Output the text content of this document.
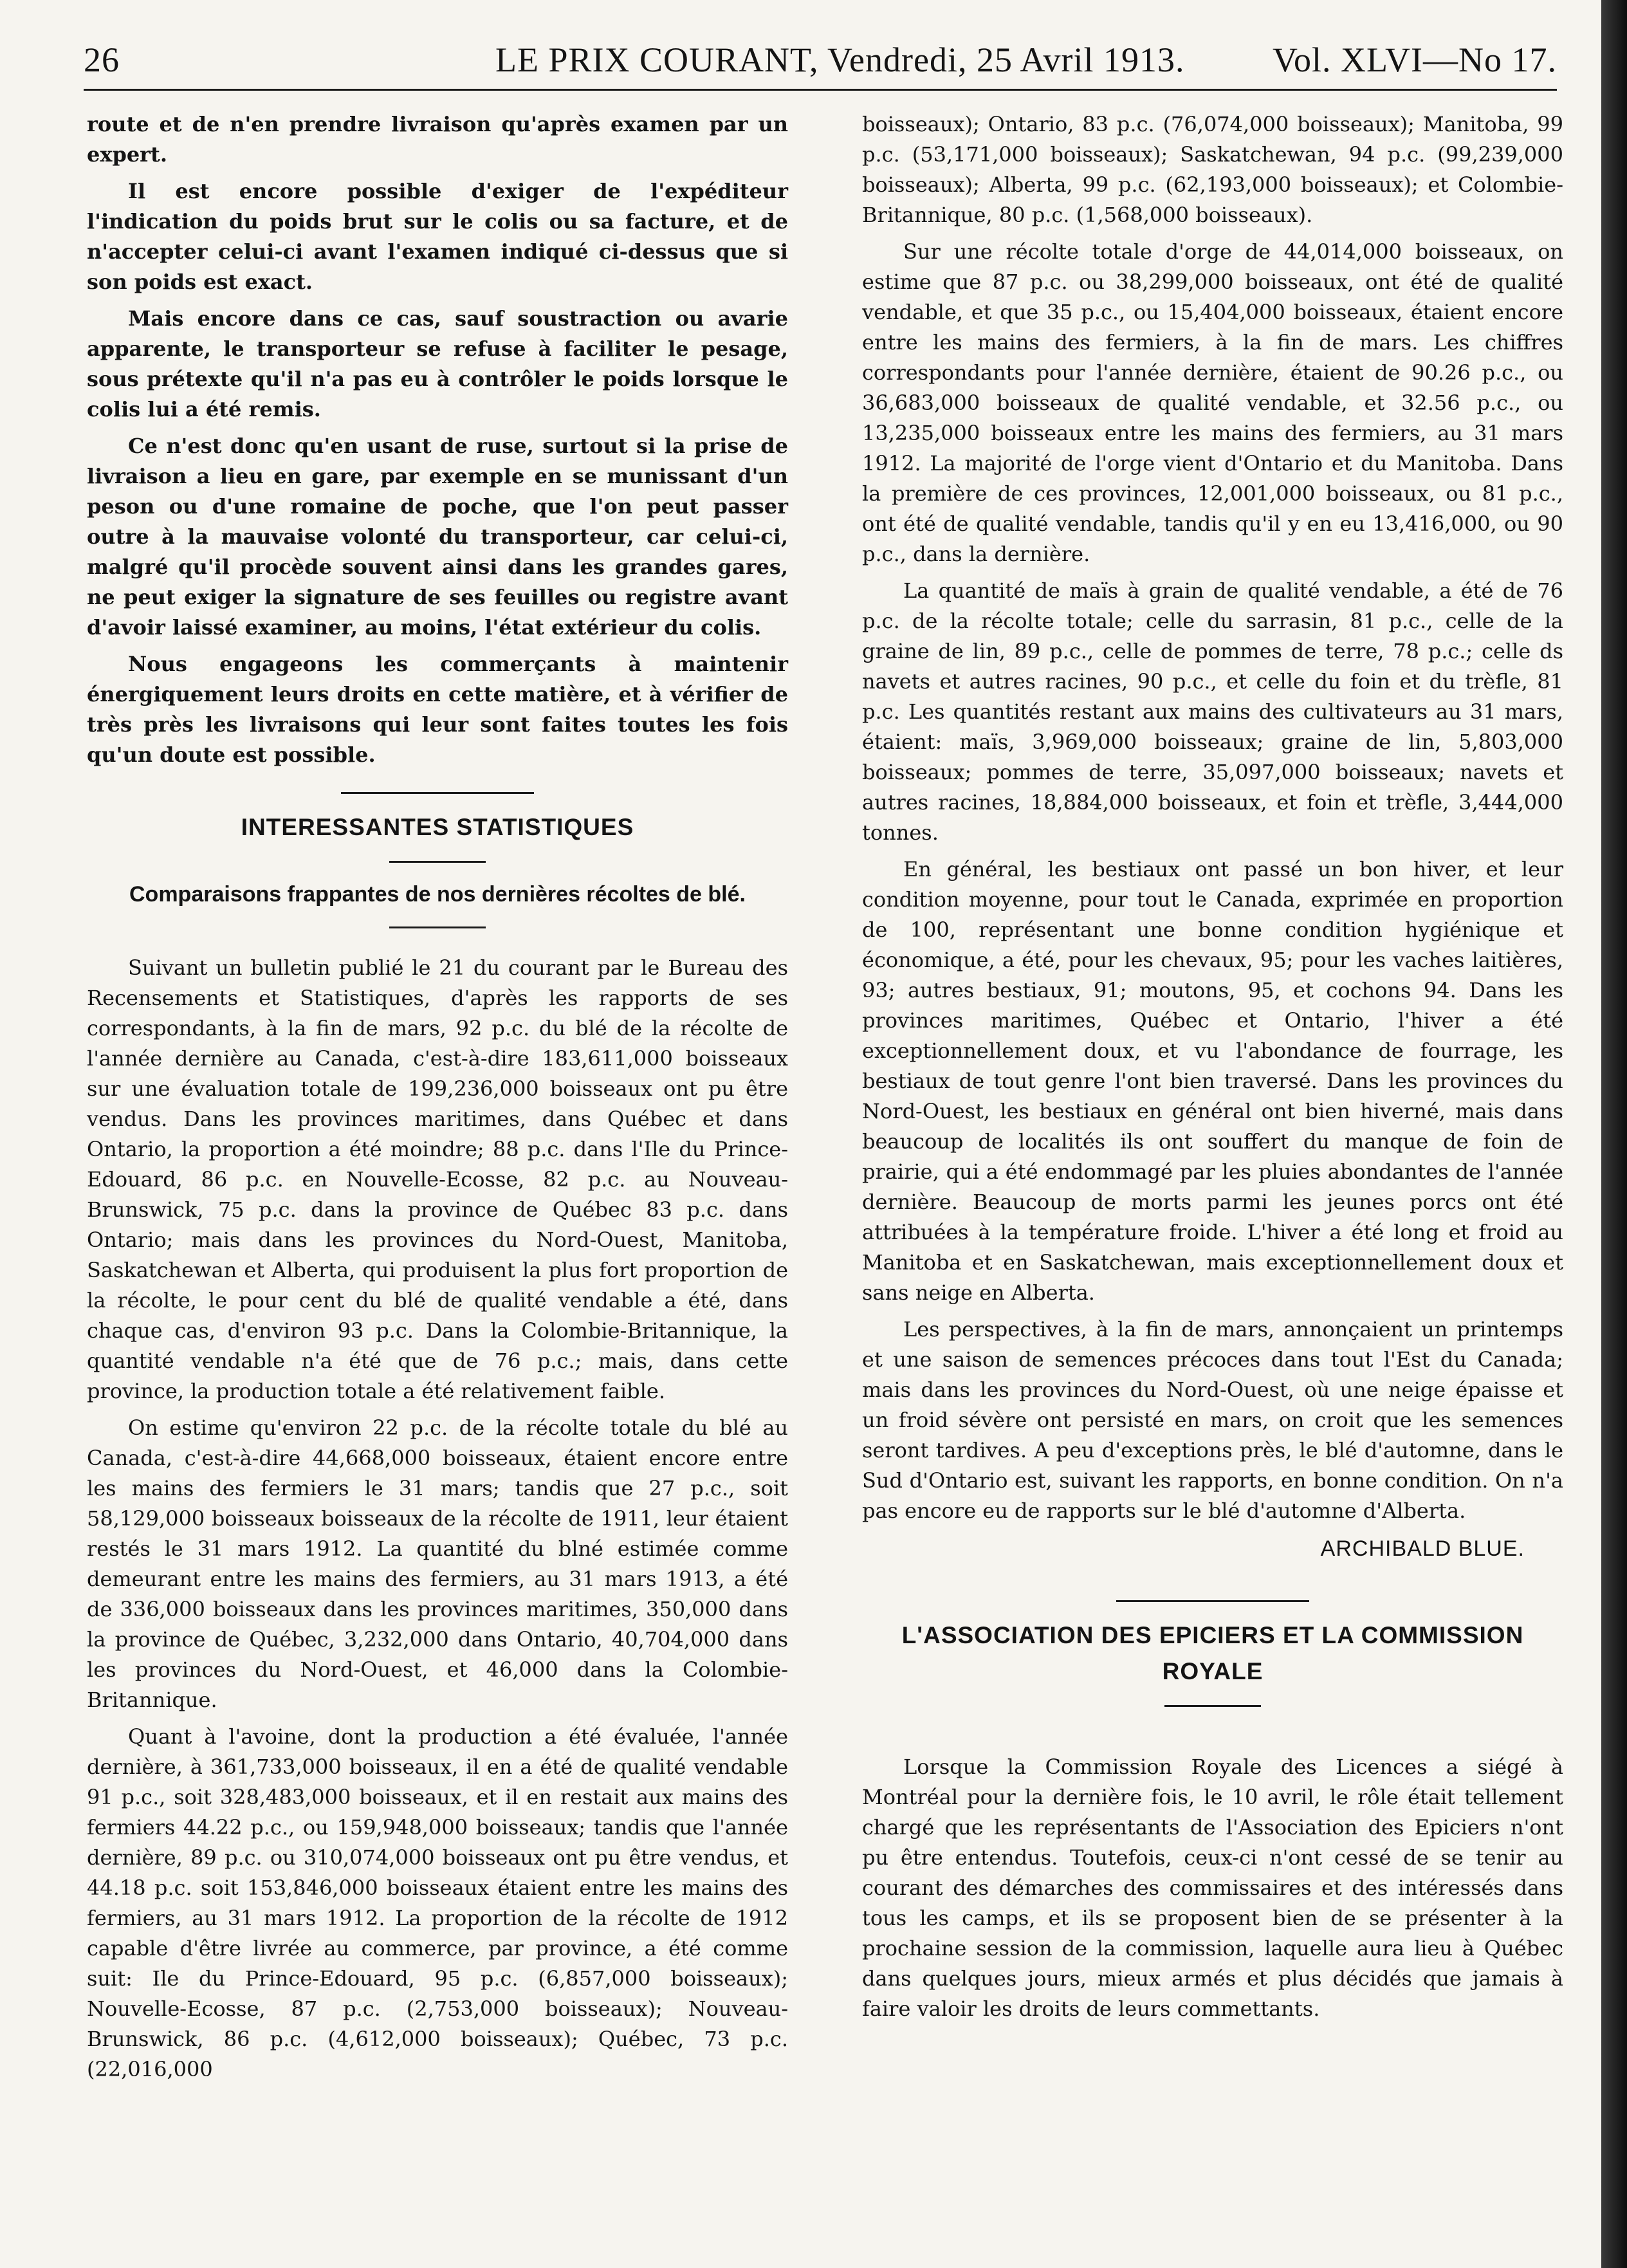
26	LE PRIX COURANT, Vendredi, 25 Avril 1913.	Vol. XLVI—No 17.

route et de n'en prendre livraison qu'après examen par un expert.

Il est encore possible d'exiger de l'expéditeur l'indication du poids brut sur le colis ou sa facture, et de n'accepter celui-ci avant l'examen indiqué ci-dessus que si son poids est exact.

Mais encore dans ce cas, sauf soustraction ou avarie apparente, le transporteur se refuse à faciliter le pesage, sous prétexte qu'il n'a pas eu à contrôler le poids lorsque le colis lui a été remis.

Ce n'est donc qu'en usant de ruse, surtout si la prise de livraison a lieu en gare, par exemple en se munissant d'un peson ou d'une romaine de poche, que l'on peut passer outre à la mauvaise volonté du transporteur, car celui-ci, malgré qu'il procède souvent ainsi dans les grandes gares, ne peut exiger la signature de ses feuilles ou registre avant d'avoir laissé examiner, au moins, l'état extérieur du colis.

Nous engageons les commerçants à maintenir énergiquement leurs droits en cette matière, et à vérifier de très près les livraisons qui leur sont faites toutes les fois qu'un doute est possible.

INTERESSANTES STATISTIQUES
Comparaisons frappantes de nos dernières récoltes de blé.

Suivant un bulletin publié le 21 du courant par le Bureau des Recensements et Statistiques, d'après les rapports de ses correspondants, à la fin de mars, 92 p.c. du blé de la récolte de l'année dernière au Canada, c'est-à-dire 183,611,000 boisseaux sur une évaluation totale de 199,236,000 boisseaux ont pu être vendus. Dans les provinces maritimes, dans Québec et dans Ontario, la proportion a été moindre; 88 p.c. dans l'Ile du Prince-Edouard, 86 p.c. en Nouvelle-Ecosse, 82 p.c. au Nouveau-Brunswick, 75 p.c. dans la province de Québec 83 p.c. dans Ontario; mais dans les provinces du Nord-Ouest, Manitoba, Saskatchewan et Alberta, qui produisent la plus fort proportion de la récolte, le pour cent du blé de qualité vendable a été, dans chaque cas, d'environ 93 p.c. Dans la Colombie-Britannique, la quantité vendable n'a été que de 76 p.c.; mais, dans cette province, la production totale a été relativement faible.

On estime qu'environ 22 p.c. de la récolte totale du blé au Canada, c'est-à-dire 44,668,000 boisseaux, étaient encore entre les mains des fermiers le 31 mars; tandis que 27 p.c., soit 58,129,000 boisseaux boisseaux de la récolte de 1911, leur étaient restés le 31 mars 1912. La quantité du blné estimée comme demeurant entre les mains des fermiers, au 31 mars 1913, a été de 336,000 boisseaux dans les provinces maritimes, 350,000 dans la province de Québec, 3,232,000 dans Ontario, 40,704,000 dans les provinces du Nord-Ouest, et 46,000 dans la Colombie-Britannique.

Quant à l'avoine, dont la production a été évaluée, l'année dernière, à 361,733,000 boisseaux, il en a été de qualité vendable 91 p.c., soit 328,483,000 boisseaux, et il en restait aux mains des fermiers 44.22 p.c., ou 159,948,000 boisseaux; tandis que l'année dernière, 89 p.c. ou 310,074,000 boisseaux ont pu être vendus, et 44.18 p.c. soit 153,846,000 boisseaux étaient entre les mains des fermiers, au 31 mars 1912. La proportion de la récolte de 1912 capable d'être livrée au commerce, par province, a été comme suit: Ile du Prince-Edouard, 95 p.c. (6,857,000 boisseaux); Nouvelle-Ecosse, 87 p.c. (2,753,000 boisseaux); Nouveau-Brunswick, 86 p.c. (4,612,000 boisseaux); Québec, 73 p.c. (22,016,000

boisseaux); Ontario, 83 p.c. (76,074,000 boisseaux); Manitoba, 99 p.c. (53,171,000 boisseaux); Saskatchewan, 94 p.c. (99,239,000 boisseaux); Alberta, 99 p.c. (62,193,000 boisseaux); et Colombie-Britannique, 80 p.c. (1,568,000 boisseaux).

Sur une récolte totale d'orge de 44,014,000 boisseaux, on estime que 87 p.c. ou 38,299,000 boisseaux, ont été de qualité vendable, et que 35 p.c., ou 15,404,000 boisseaux, étaient encore entre les mains des fermiers, à la fin de mars. Les chiffres correspondants pour l'année dernière, étaient de 90.26 p.c., ou 36,683,000 boisseaux de qualité vendable, et 32.56 p.c., ou 13,235,000 boisseaux entre les mains des fermiers, au 31 mars 1912. La majorité de l'orge vient d'Ontario et du Manitoba. Dans la première de ces provinces, 12,001,000 boisseaux, ou 81 p.c., ont été de qualité vendable, tandis qu'il y en eu 13,416,000, ou 90 p.c., dans la dernière.

La quantité de maïs à grain de qualité vendable, a été de 76 p.c. de la récolte totale; celle du sarrasin, 81 p.c., celle de la graine de lin, 89 p.c., celle de pommes de terre, 78 p.c.; celle ds navets et autres racines, 90 p.c., et celle du foin et du trèfle, 81 p.c. Les quantités restant aux mains des cultivateurs au 31 mars, étaient: maïs, 3,969,000 boisseaux; graine de lin, 5,803,000 boisseaux; pommes de terre, 35,097,000 boisseaux; navets et autres racines, 18,884,000 boisseaux, et foin et trèfle, 3,444,000 tonnes.

En général, les bestiaux ont passé un bon hiver, et leur condition moyenne, pour tout le Canada, exprimée en proportion de 100, représentant une bonne condition hygiénique et économique, a été, pour les chevaux, 95; pour les vaches laitières, 93; autres bestiaux, 91; moutons, 95, et cochons 94. Dans les provinces maritimes, Québec et Ontario, l'hiver a été exceptionnellement doux, et vu l'abondance de fourrage, les bestiaux de tout genre l'ont bien traversé. Dans les provinces du Nord-Ouest, les bestiaux en général ont bien hiverné, mais dans beaucoup de localités ils ont souffert du manque de foin de prairie, qui a été endommagé par les pluies abondantes de l'année dernière. Beaucoup de morts parmi les jeunes porcs ont été attribuées à la température froide. L'hiver a été long et froid au Manitoba et en Saskatchewan, mais exceptionnellement doux et sans neige en Alberta.

Les perspectives, à la fin de mars, annonçaient un printemps et une saison de semences précoces dans tout l'Est du Canada; mais dans les provinces du Nord-Ouest, où une neige épaisse et un froid sévère ont persisté en mars, on croit que les semences seront tardives. A peu d'exceptions près, le blé d'automne, dans le Sud d'Ontario est, suivant les rapports, en bonne condition. On n'a pas encore eu de rapports sur le blé d'automne d'Alberta.

ARCHIBALD BLUE.
L'ASSOCIATION DES EPICIERS ET LA COMMISSION ROYALE

Lorsque la Commission Royale des Licences a siégé à Montréal pour la dernière fois, le 10 avril, le rôle était tellement chargé que les représentants de l'Association des Epiciers n'ont pu être entendus. Toutefois, ceux-ci n'ont cessé de se tenir au courant des démarches des commissaires et des intéressés dans tous les camps, et ils se proposent bien de se présenter à la prochaine session de la commission, laquelle aura lieu à Québec dans quelques jours, mieux armés et plus décidés que jamais à faire valoir les droits de leurs commettants.
